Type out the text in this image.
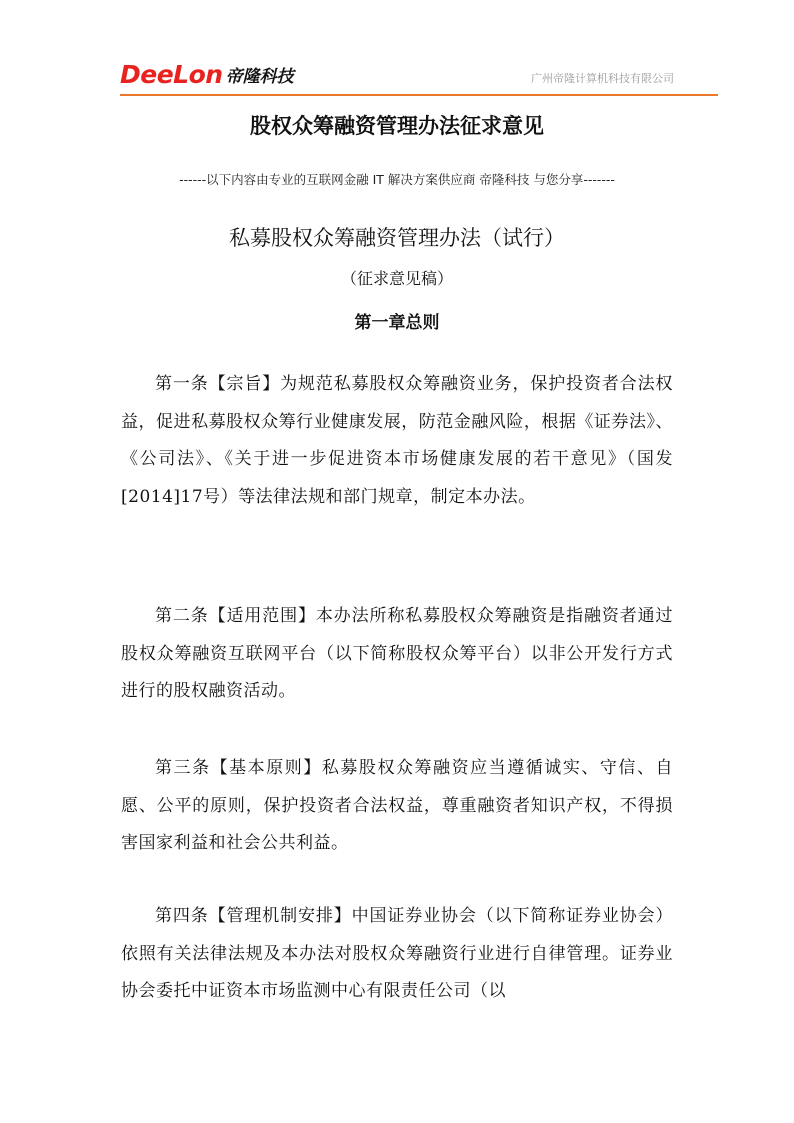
DeeLon 帝隆科技	广州帝隆计算机科技有限公司
股权众筹融资管理办法征求意见
------以下内容由专业的互联网金融 IT 解决方案供应商 帝隆科技 与您分享-------
私募股权众筹融资管理办法（试行）
（征求意见稿）
第一章总则

第一条【宗旨】为规范私募股权众筹融资业务，保护投资者合法权益，促进私募股权众筹行业健康发展，防范金融风险，根据《证券法》、《公司法》、《关于进一步促进资本市场健康发展的若干意见》（国发[2014]17号）等法律法规和部门规章，制定本办法。

第二条【适用范围】本办法所称私募股权众筹融资是指融资者通过股权众筹融资互联网平台（以下简称股权众筹平台）以非公开发行方式进行的股权融资活动。

第三条【基本原则】私募股权众筹融资应当遵循诚实、守信、自愿、公平的原则，保护投资者合法权益，尊重融资者知识产权，不得损害国家利益和社会公共利益。

第四条【管理机制安排】中国证券业协会（以下简称证券业协会）依照有关法律法规及本办法对股权众筹融资行业进行自律管理。证券业协会委托中证资本市场监测中心有限责任公司（以
